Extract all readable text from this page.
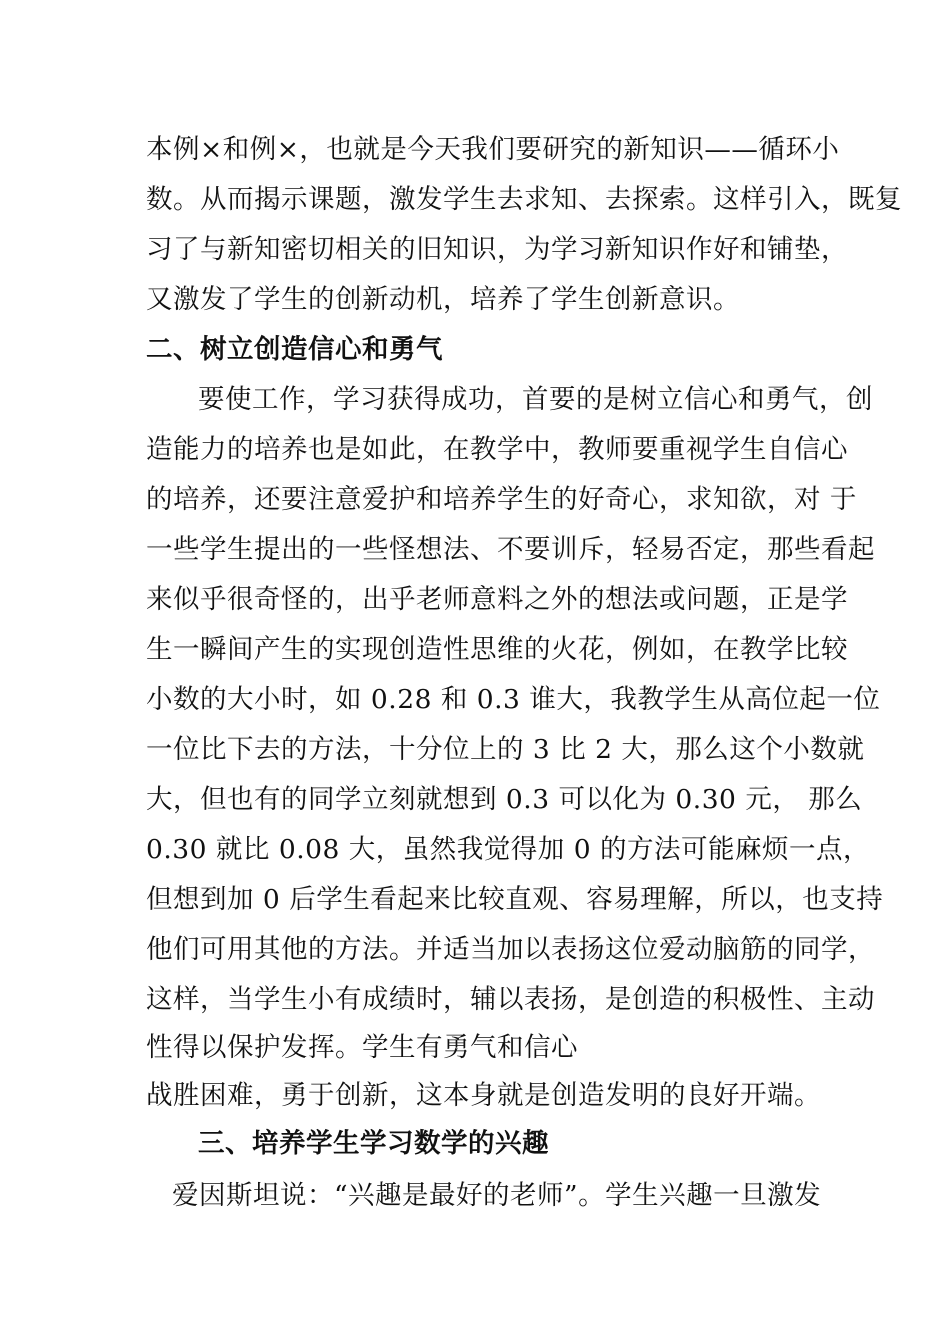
本例×和例×，也就是今天我们要研究的新知识——循环小
数。从而揭示课题，激发学生去求知、去探索。这样引入，既复
习了与新知密切相关的旧知识，为学习新知识作好和铺垫，
又激发了学生的创新动机，培养了学生创新意识。
二、树立创造信心和勇气
要使工作，学习获得成功，首要的是树立信心和勇气，创
造能力的培养也是如此，在教学中，教师要重视学生自信心
的培养，还要注意爱护和培养学生的好奇心，求知欲，对 于
一些学生提出的一些怪想法、不要训斥，轻易否定，那些看起
来似乎很奇怪的，出乎老师意料之外的想法或问题，正是学
生一瞬间产生的实现创造性思维的火花，例如，在教学比较
小数的大小时，如 0.28 和 0.3 谁大，我教学生从高位起一位
一位比下去的方法，十分位上的 3 比 2 大，那么这个小数就
大，但也有的同学立刻就想到 0.3 可以化为 0.30 元， 那么
0.30 就比 0.08 大，虽然我觉得加 0 的方法可能麻烦一点，
但想到加 0 后学生看起来比较直观、容易理解，所以，也支持
他们可用其他的方法。并适当加以表扬这位爱动脑筋的同学，
这样，当学生小有成绩时，辅以表扬，是创造的积极性、主动
性得以保护发挥。学生有勇气和信心
战胜困难，勇于创新，这本身就是创造发明的良好开端。
三、培养学生学习数学的兴趣
爱因斯坦说：“兴趣是最好的老师”。学生兴趣一旦激发
